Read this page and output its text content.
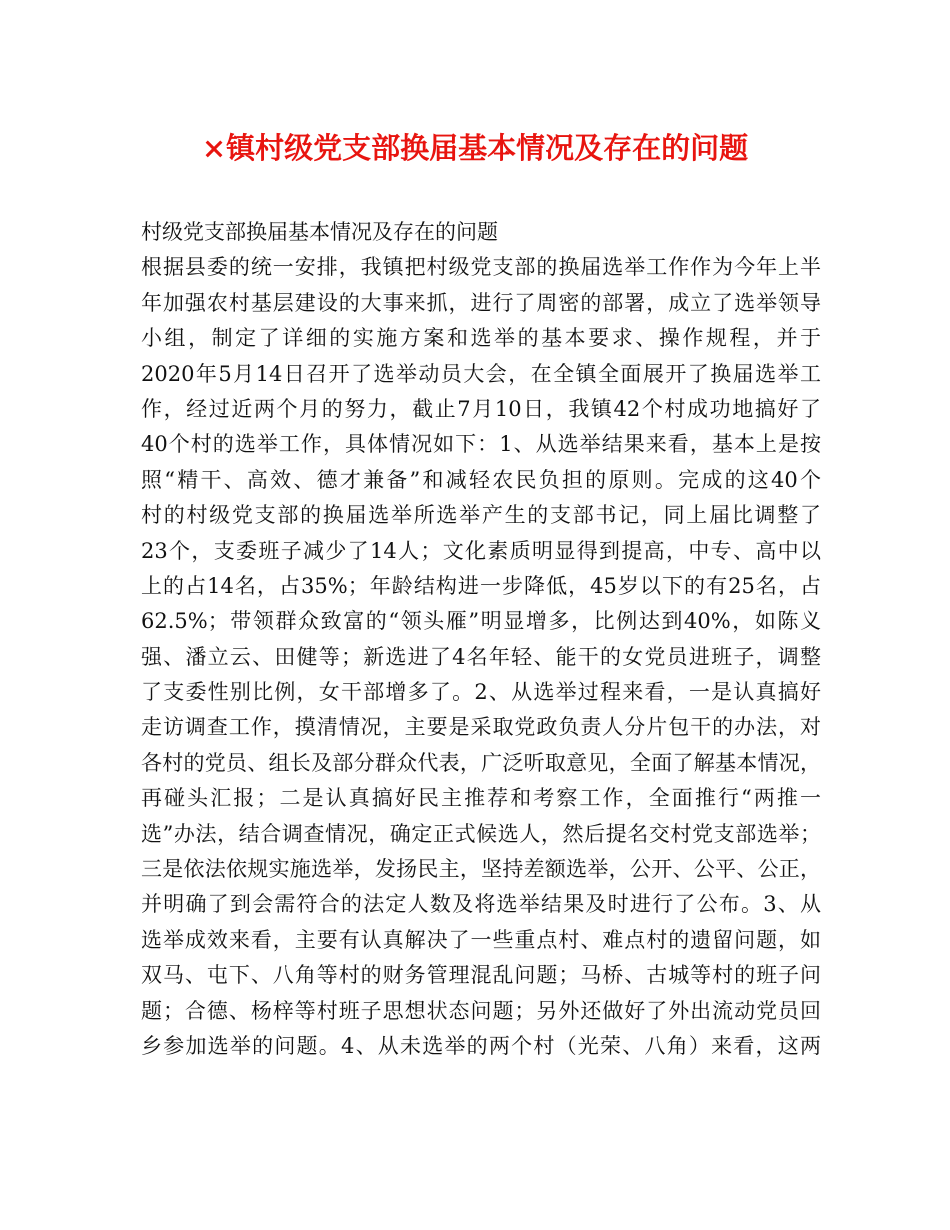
×镇村级党支部换届基本情况及存在的问题
村级党支部换届基本情况及存在的问题
根据县委的统一安排，我镇把村级党支部的换届选举工作作为今年上半
年加强农村基层建设的大事来抓，进行了周密的部署，成立了选举领导
小组，制定了详细的实施方案和选举的基本要求、操作规程，并于
2020年5月14日召开了选举动员大会，在全镇全面展开了换届选举工
作，经过近两个月的努力，截止7月10日，我镇42个村成功地搞好了
40个村的选举工作，具体情况如下：1、从选举结果来看，基本上是按
照“精干、高效、德才兼备”和减轻农民负担的原则。完成的这40个
村的村级党支部的换届选举所选举产生的支部书记，同上届比调整了
23个，支委班子减少了14人；文化素质明显得到提高，中专、高中以
上的占14名，占35%；年龄结构进一步降低，45岁以下的有25名，占
62.5%；带领群众致富的“领头雁”明显增多，比例达到40%，如陈义
强、潘立云、田健等；新选进了4名年轻、能干的女党员进班子，调整
了支委性别比例，女干部增多了。2、从选举过程来看，一是认真搞好
走访调查工作，摸清情况，主要是采取党政负责人分片包干的办法，对
各村的党员、组长及部分群众代表，广泛听取意见，全面了解基本情况，
再碰头汇报；二是认真搞好民主推荐和考察工作，全面推行“两推一
选”办法，结合调查情况，确定正式候选人，然后提名交村党支部选举；
三是依法依规实施选举，发扬民主，坚持差额选举，公开、公平、公正，
并明确了到会需符合的法定人数及将选举结果及时进行了公布。3、从
选举成效来看，主要有认真解决了一些重点村、难点村的遗留问题，如
双马、屯下、八角等村的财务管理混乱问题；马桥、古城等村的班子问
题；合德、杨梓等村班子思想状态问题；另外还做好了外出流动党员回
乡参加选举的问题。4、从未选举的两个村（光荣、八角）来看，这两
